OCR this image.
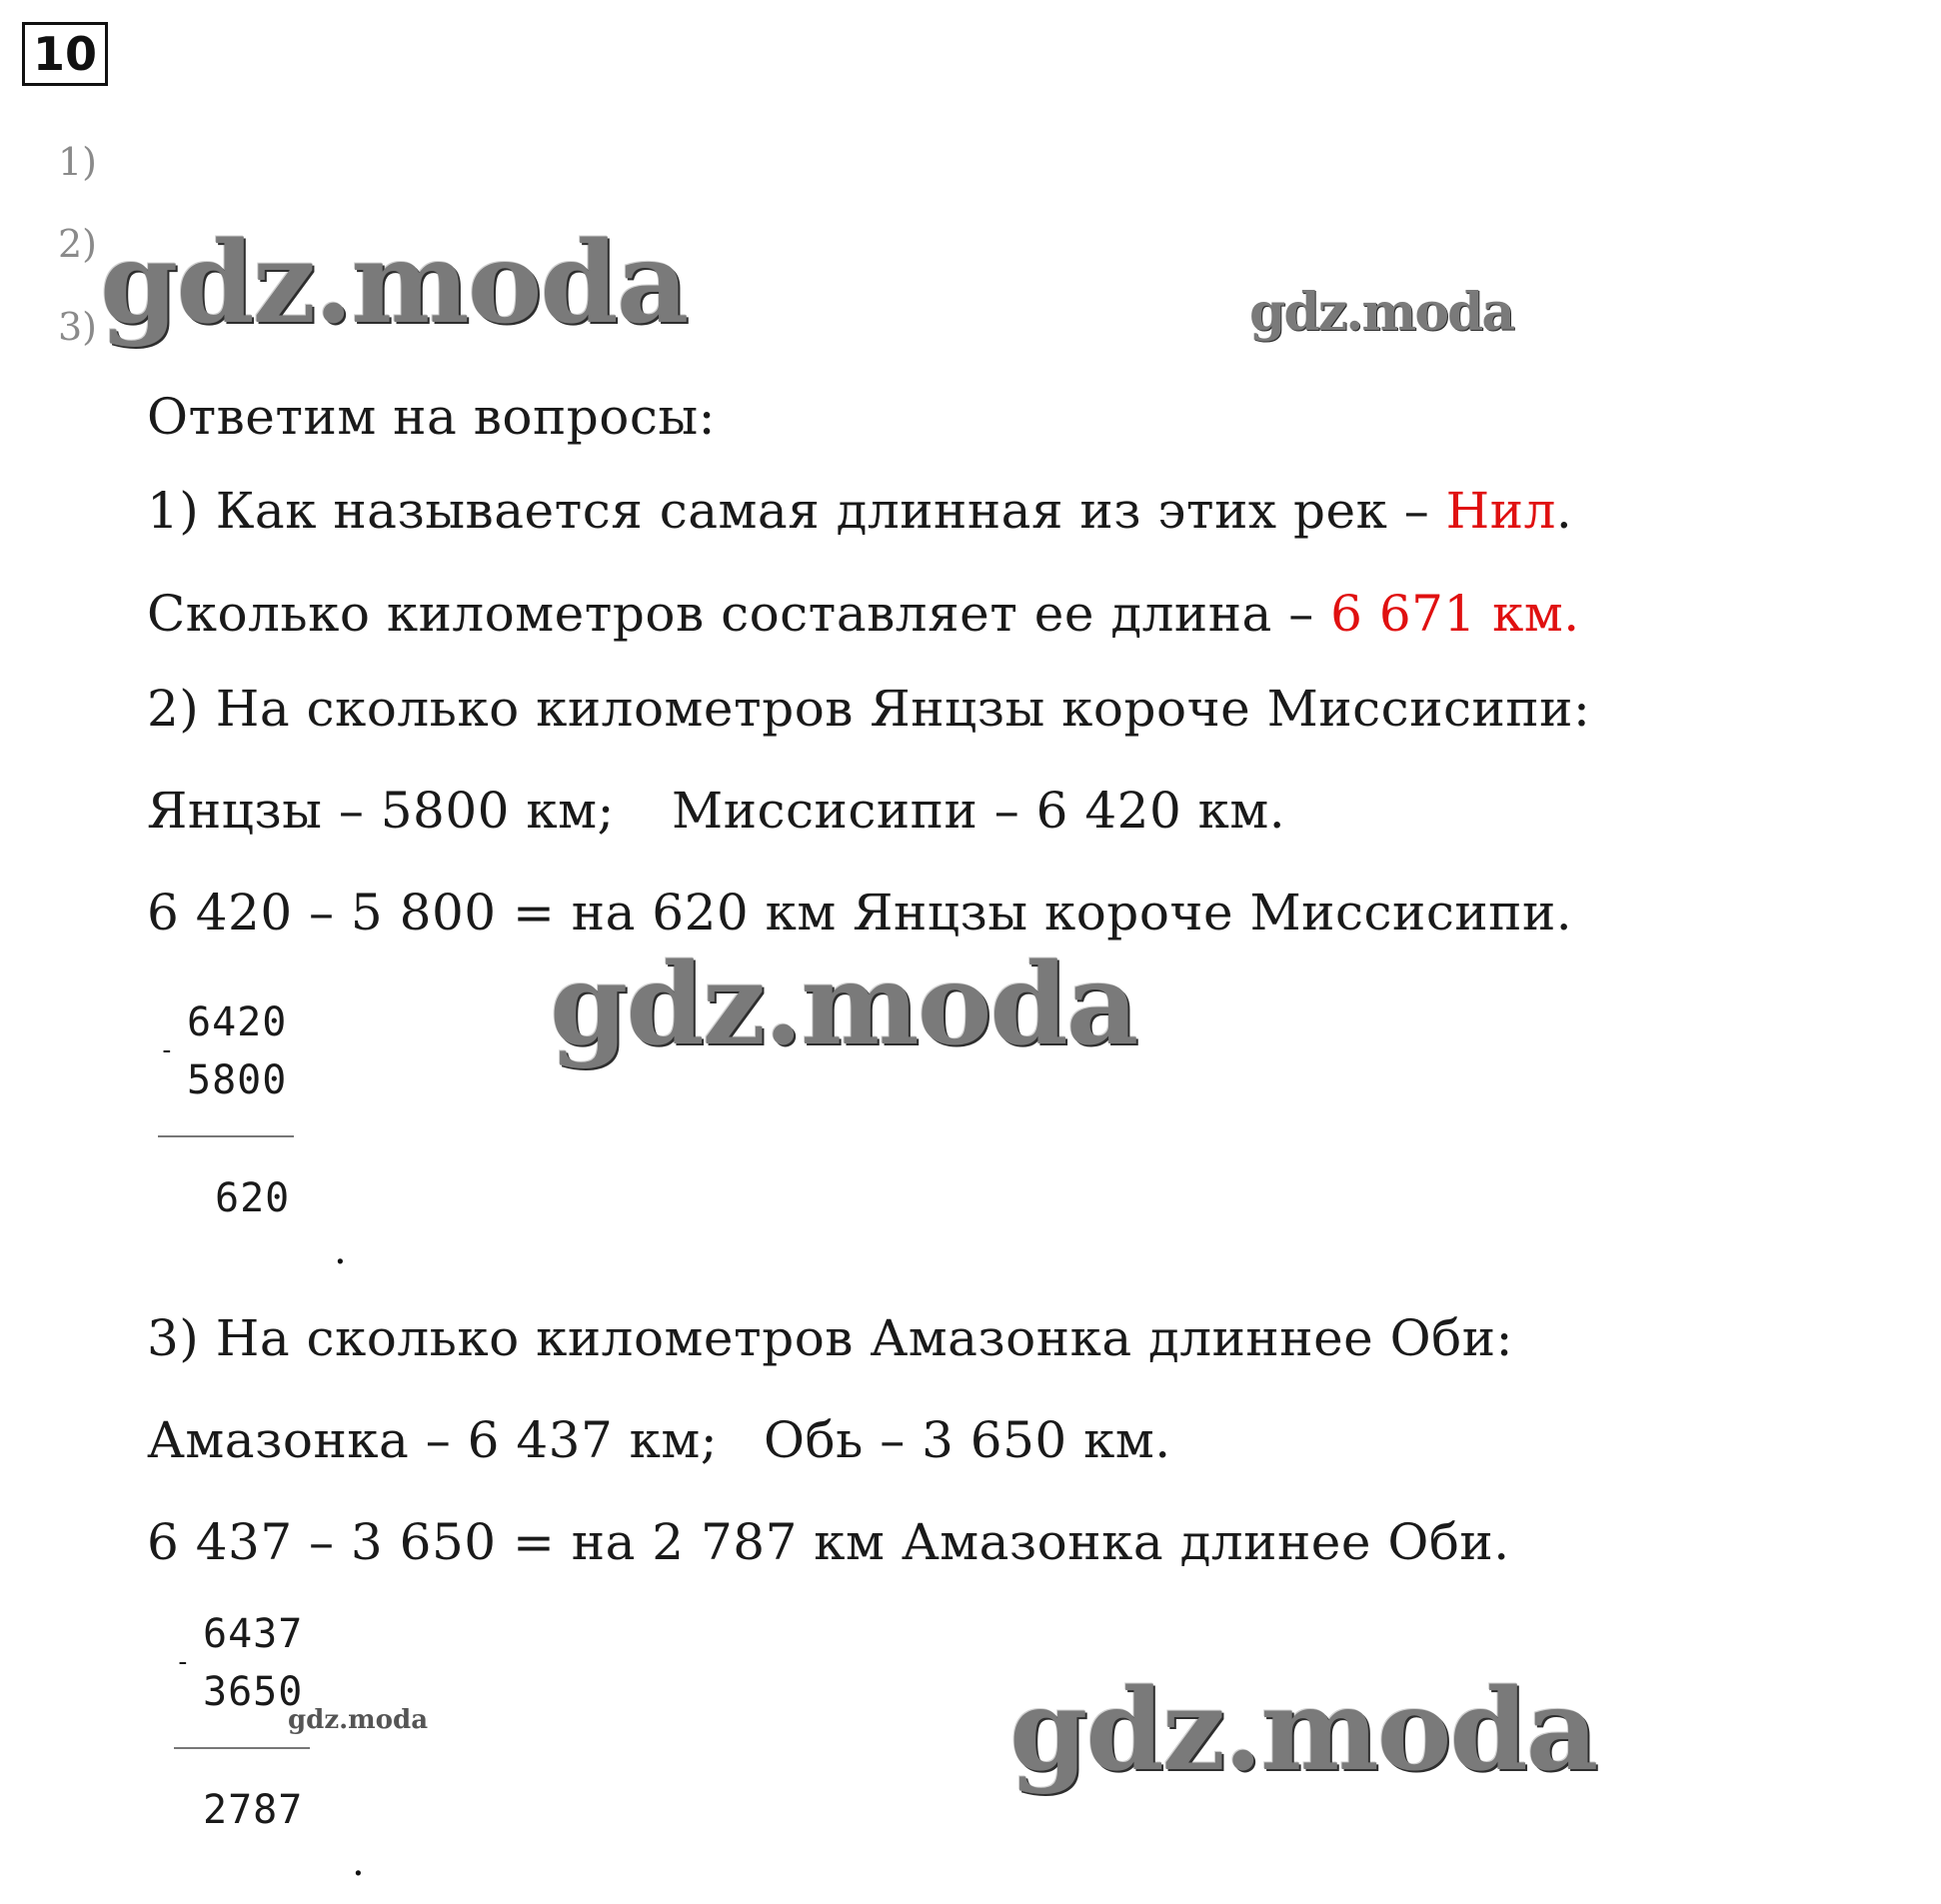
10
1)
2)
3)
Ответим на вопросы:
1) Как называется самая длинная из этих рек – Нил.
Сколько километров составляет ее длина – 6 671 км.
2) На сколько километров Янцзы короче Миссисипи:
Янцзы – 5800 км; Миссисипи – 6 420 км.
6 420 – 5 800 = на 620 км Янцзы короче Миссисипи.
6420
-
5800
620
.
3) На сколько километров Амазонка длиннее Оби:
Амазонка – 6 437 км; Обь – 3 650 км.
6 437 – 3 650 = на 2 787 км Амазонка длинее Оби.
6437
-
3650
2787
.
gdz.moda	gdz.moda
gdz.moda
gdz.moda	gdz.moda
